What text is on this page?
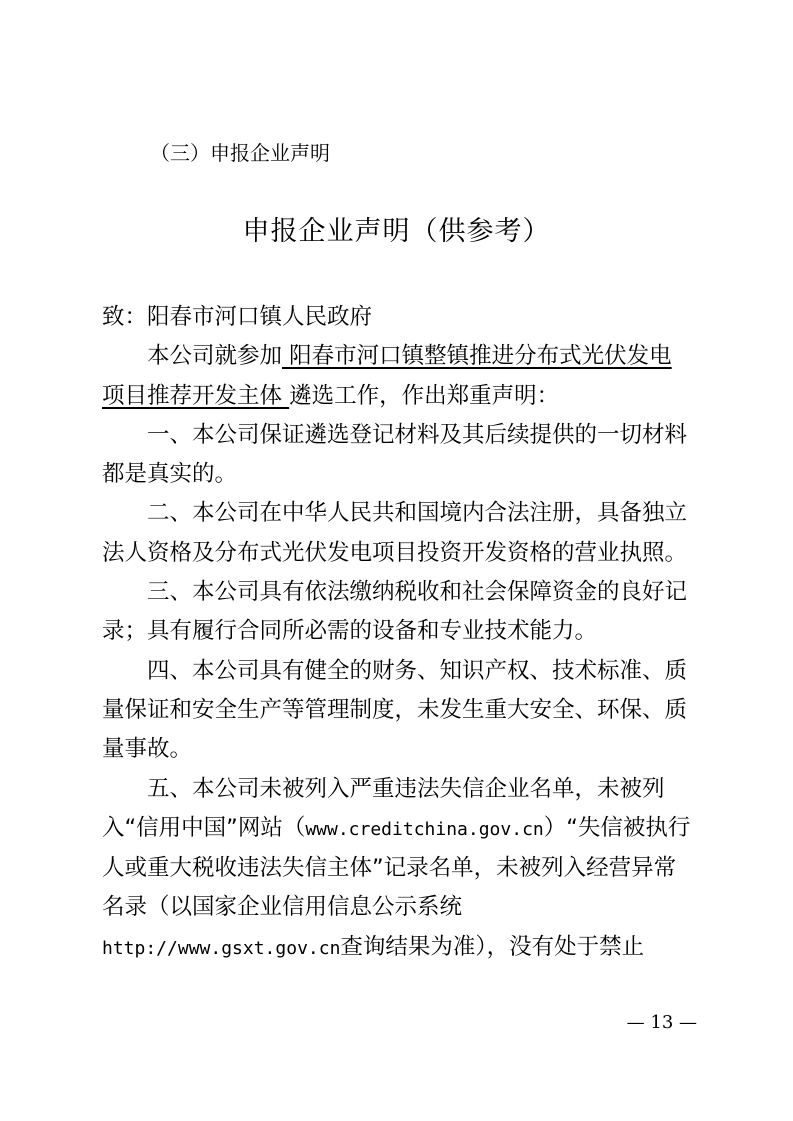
（三）申报企业声明
申报企业声明（供参考）

致：阳春市河口镇人民政府

本公司就参加 阳春市河口镇整镇推进分布式光伏发电项目推荐开发主体 遴选工作，作出郑重声明：

一、本公司保证遴选登记材料及其后续提供的一切材料都是真实的。

二、本公司在中华人民共和国境内合法注册，具备独立法人资格及分布式光伏发电项目投资开发资格的营业执照。

三、本公司具有依法缴纳税收和社会保障资金的良好记录；具有履行合同所必需的设备和专业技术能力。

四、本公司具有健全的财务、知识产权、技术标准、质量保证和安全生产等管理制度，未发生重大安全、环保、质量事故。

五、本公司未被列入严重违法失信企业名单，未被列入“信用中国”网站（www.creditchina.gov.cn）“失信被执行人或重大税收违法失信主体”记录名单，未被列入经营异常名录（以国家企业信用信息公示系统http://www.gsxt.gov.cn查询结果为准），没有处于禁止

— 13 —
